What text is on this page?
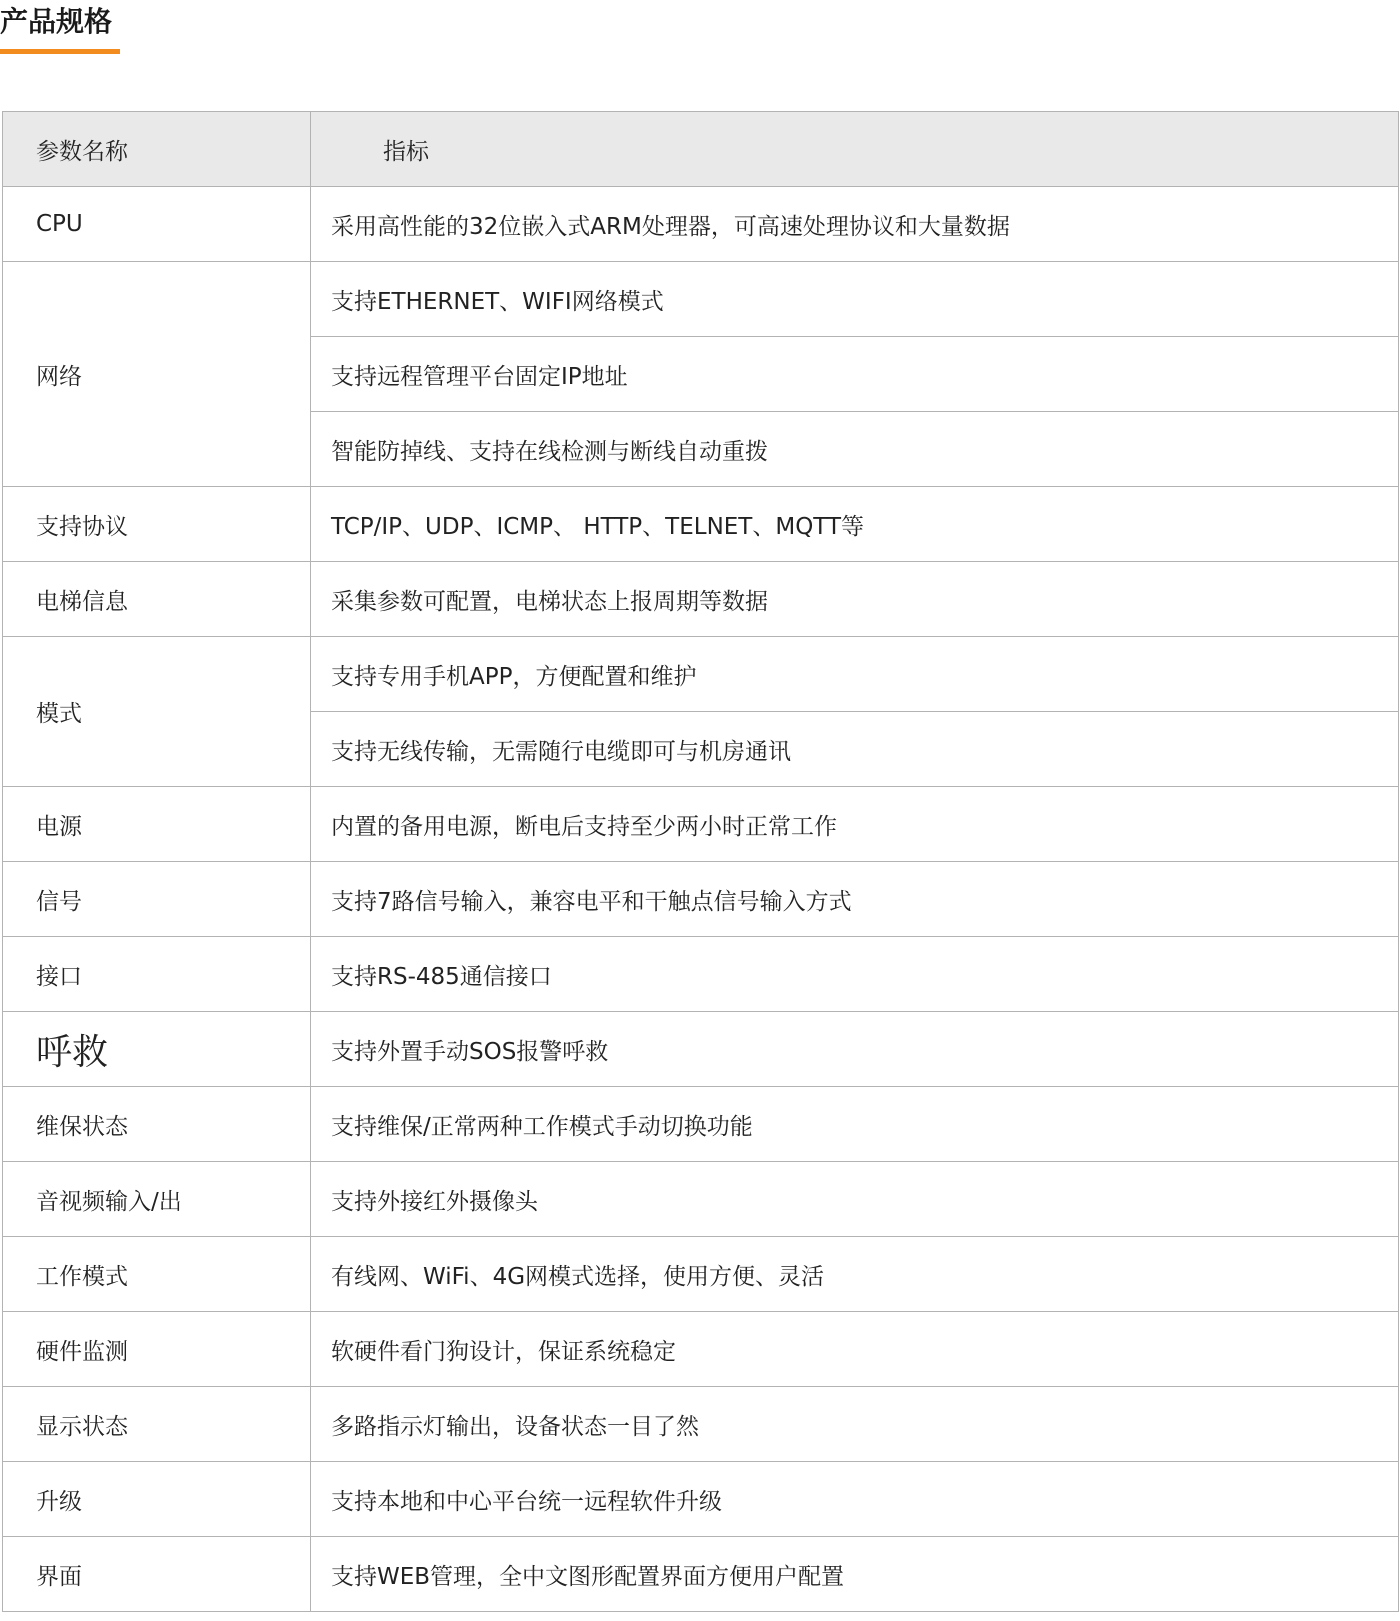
产品规格
参数名称	指标
CPU	采用高性能的32位嵌入式ARM处理器，可高速处理协议和大量数据
网络	支持ETHERNET、WIFI网络模式
	支持远程管理平台固定IP地址
	智能防掉线、支持在线检测与断线自动重拨
支持协议	TCP/IP、UDP、ICMP、 HTTP、TELNET、MQTT等
电梯信息	采集参数可配置，电梯状态上报周期等数据
模式	支持专用手机APP，方便配置和维护
	支持无线传输，无需随行电缆即可与机房通讯
电源	内置的备用电源，断电后支持至少两小时正常工作
信号	支持7路信号输入，兼容电平和干触点信号输入方式
接口	支持RS-485通信接口
呼救	支持外置手动SOS报警呼救
维保状态	支持维保/正常两种工作模式手动切换功能
音视频输入/出	支持外接红外摄像头
工作模式	有线网、WiFi、4G网模式选择，使用方便、灵活
硬件监测	软硬件看门狗设计，保证系统稳定
显示状态	多路指示灯输出，设备状态一目了然
升级	支持本地和中心平台统一远程软件升级
界面	支持WEB管理，全中文图形配置界面方便用户配置
